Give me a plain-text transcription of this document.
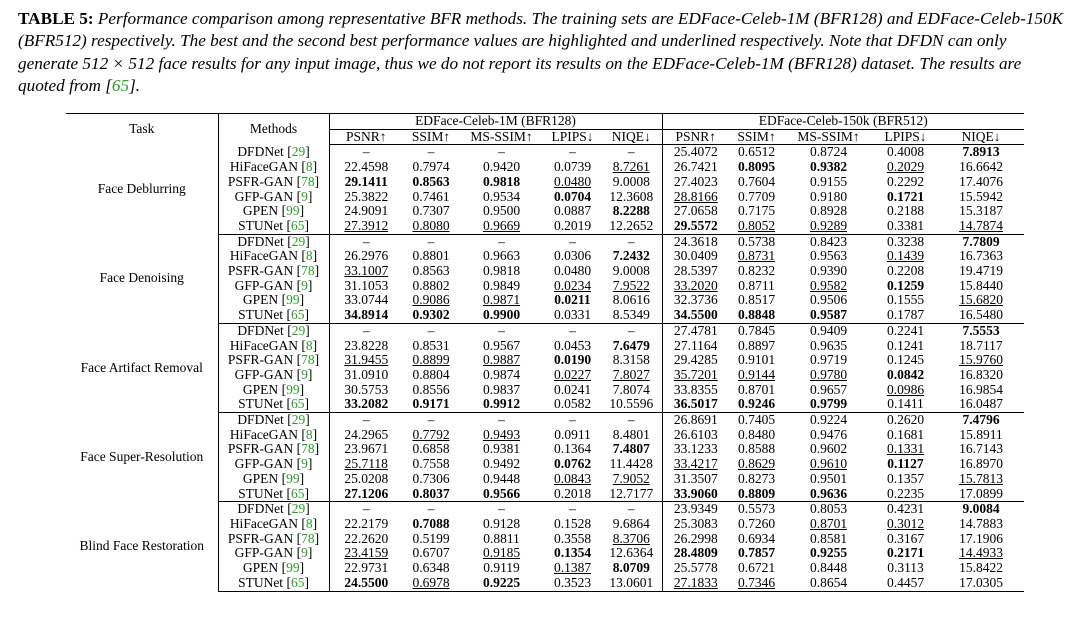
TABLE 5: Performance comparison among representative BFR methods. The training sets are EDFace-Celeb-1M (BFR128) and EDFace-Celeb-150K (BFR512) respectively. The best and the second best performance values are highlighted and underlined respectively. Note that DFDN can only generate 512 × 512 face results for any input image, thus we do not report its results on the EDFace-Celeb-1M (BFR128) dataset. The results are quoted from [65].

Task	Methods	EDFace-Celeb-1M (BFR128)					EDFace-Celeb-150k (BFR512)				
		PSNR↑	SSIM↑	MS-SSIM↑	LPIPS↓	NIQE↓	PSNR↑	SSIM↑	MS-SSIM↑	LPIPS↓	NIQE↓
Face Deblurring	DFDNet [29]	–	–	–	–	–	25.4072	0.6512	0.8724	0.4008	7.8913
	HiFaceGAN [8]	22.4598	0.7974	0.9420	0.0739	8.7261	26.7421	0.8095	0.9382	0.2029	16.6642
	PSFR-GAN [78]	29.1411	0.8563	0.9818	0.0480	9.0008	27.4023	0.7604	0.9155	0.2292	17.4076
	GFP-GAN [9]	25.3822	0.7461	0.9534	0.0704	12.3608	28.8166	0.7709	0.9180	0.1721	15.5942
	GPEN [99]	24.9091	0.7307	0.9500	0.0887	8.2288	27.0658	0.7175	0.8928	0.2188	15.3187
	STUNet [65]	27.3912	0.8080	0.9669	0.2019	12.2652	29.5572	0.8052	0.9289	0.3381	14.7874
Face Denoising	DFDNet [29]	–	–	–	–	–	24.3618	0.5738	0.8423	0.3238	7.7809
	HiFaceGAN [8]	26.2976	0.8801	0.9663	0.0306	7.2432	30.0409	0.8731	0.9563	0.1439	16.7363
	PSFR-GAN [78]	33.1007	0.8563	0.9818	0.0480	9.0008	28.5397	0.8232	0.9390	0.2208	19.4719
	GFP-GAN [9]	31.1053	0.8802	0.9849	0.0234	7.9522	33.2020	0.8711	0.9582	0.1259	15.8440
	GPEN [99]	33.0744	0.9086	0.9871	0.0211	8.0616	32.3736	0.8517	0.9506	0.1555	15.6820
	STUNet [65]	34.8914	0.9302	0.9900	0.0331	8.5349	34.5500	0.8848	0.9587	0.1787	16.5480
Face Artifact Removal	DFDNet [29]	–	–	–	–	–	27.4781	0.7845	0.9409	0.2241	7.5553
	HiFaceGAN [8]	23.8228	0.8531	0.9567	0.0453	7.6479	27.1164	0.8897	0.9635	0.1241	18.7117
	PSFR-GAN [78]	31.9455	0.8899	0.9887	0.0190	8.3158	29.4285	0.9101	0.9719	0.1245	15.9760
	GFP-GAN [9]	31.0910	0.8804	0.9874	0.0227	7.8027	35.7201	0.9144	0.9780	0.0842	16.8320
	GPEN [99]	30.5753	0.8556	0.9837	0.0241	7.8074	33.8355	0.8701	0.9657	0.0986	16.9854
	STUNet [65]	33.2082	0.9171	0.9912	0.0582	10.5596	36.5017	0.9246	0.9799	0.1411	16.0487
Face Super-Resolution	DFDNet [29]	–	–	–	–	–	26.8691	0.7405	0.9224	0.2620	7.4796
	HiFaceGAN [8]	24.2965	0.7792	0.9493	0.0911	8.4801	26.6103	0.8480	0.9476	0.1681	15.8911
	PSFR-GAN [78]	23.9671	0.6858	0.9381	0.1364	7.4807	33.1233	0.8588	0.9602	0.1331	16.7143
	GFP-GAN [9]	25.7118	0.7558	0.9492	0.0762	11.4428	33.4217	0.8629	0.9610	0.1127	16.8970
	GPEN [99]	25.0208	0.7306	0.9448	0.0843	7.9052	31.3507	0.8273	0.9501	0.1357	15.7813
	STUNet [65]	27.1206	0.8037	0.9566	0.2018	12.7177	33.9060	0.8809	0.9636	0.2235	17.0899
Blind Face Restoration	DFDNet [29]	–	–	–	–	–	23.9349	0.5573	0.8053	0.4231	9.0084
	HiFaceGAN [8]	22.2179	0.7088	0.9128	0.1528	9.6864	25.3083	0.7260	0.8701	0.3012	14.7883
	PSFR-GAN [78]	22.2620	0.5199	0.8811	0.3558	8.3706	26.2998	0.6934	0.8581	0.3167	17.1906
	GFP-GAN [9]	23.4159	0.6707	0.9185	0.1354	12.6364	28.4809	0.7857	0.9255	0.2171	14.4933
	GPEN [99]	22.9731	0.6348	0.9119	0.1387	8.0709	25.5778	0.6721	0.8448	0.3113	15.8422
	STUNet [65]	24.5500	0.6978	0.9225	0.3523	13.0601	27.1833	0.7346	0.8654	0.4457	17.0305
